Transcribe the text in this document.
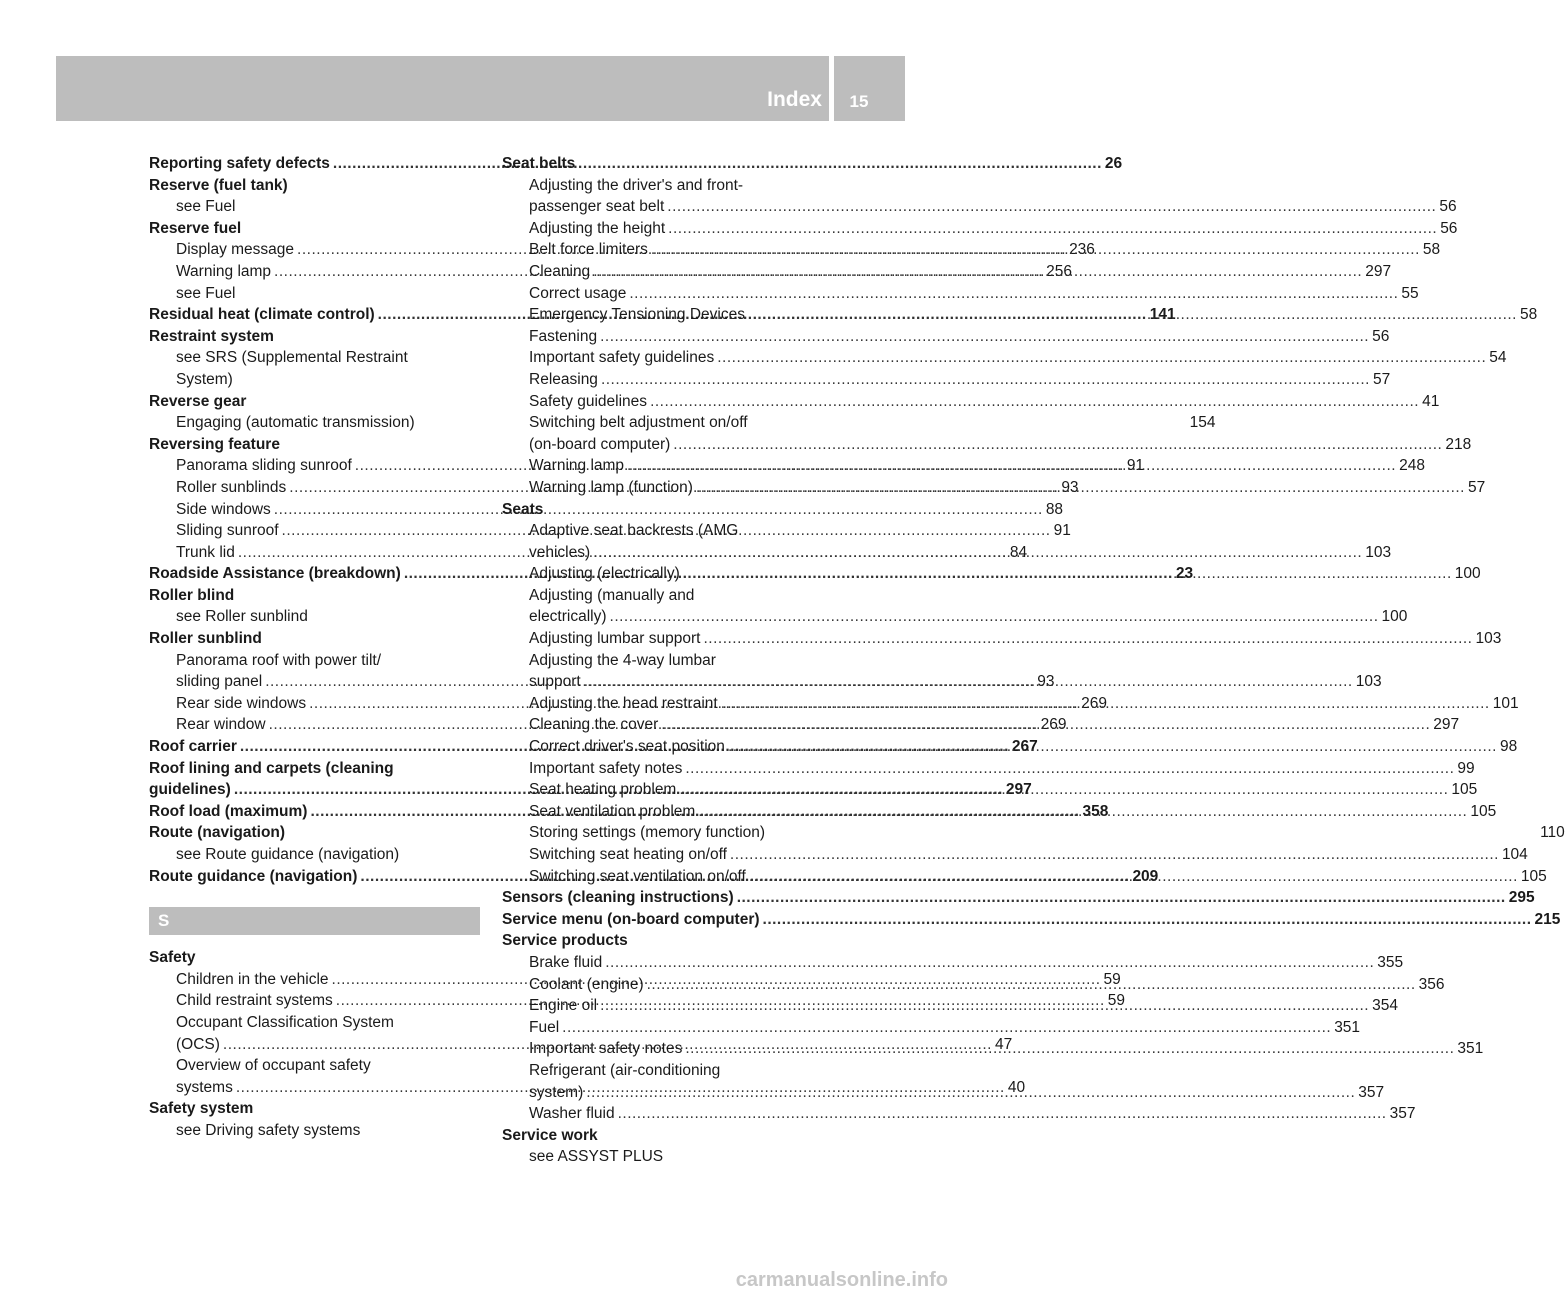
Index	15
Reporting safety defects .....	26
Reserve (fuel tank)
see Fuel
Reserve fuel
Display message .....	236
Warning lamp .....	256
see Fuel
Residual heat (climate control) .....	141
Restraint system
see SRS (Supplemental Restraint
System)
Reverse gear
Engaging (automatic transmission)	154
Reversing feature
Panorama sliding sunroof .....	91
Roller sunblinds .....	93
Side windows .....	88
Sliding sunroof .....	91
Trunk lid .....	84
Roadside Assistance (breakdown) .....	23
Roller blind
see Roller sunblind
Roller sunblind
Panorama roof with power tilt/
sliding panel .....	93
Rear side windows .....	269
Rear window .....	269
Roof carrier .....	267
Roof lining and carpets (cleaning
guidelines) .....	297
Roof load (maximum) .....	358
Route (navigation)
see Route guidance (navigation)
Route guidance (navigation) .....	209
S
Safety
Children in the vehicle .....	59
Child restraint systems .....	59
Occupant Classification System
(OCS) .....	47
Overview of occupant safety
systems .....	40
Safety system
see Driving safety systems
Seat belts
Adjusting the driver's and front-
passenger seat belt .....	56
Adjusting the height .....	56
Belt force limiters .....	58
Cleaning .....	297
Correct usage .....	55
Emergency Tensioning Devices .....	58
Fastening .....	56
Important safety guidelines .....	54
Releasing .....	57
Safety guidelines .....	41
Switching belt adjustment on/off
(on-board computer) .....	218
Warning lamp .....	248
Warning lamp (function) .....	57
Seats
Adaptive seat backrests (AMG
vehicles) .....	103
Adjusting (electrically) .....	100
Adjusting (manually and
electrically) .....	100
Adjusting lumbar support .....	103
Adjusting the 4-way lumbar
support .....	103
Adjusting the head restraint .....	101
Cleaning the cover .....	297
Correct driver's seat position .....	98
Important safety notes .....	99
Seat heating problem .....	105
Seat ventilation problem .....	105
Storing settings (memory function)	110
Switching seat heating on/off .....	104
Switching seat ventilation on/off .....	105
Sensors (cleaning instructions) .....	295
Service menu (on-board computer) .....	215
Service products
Brake fluid .....	355
Coolant (engine) .....	356
Engine oil .....	354
Fuel .....	351
Important safety notes .....	351
Refrigerant (air-conditioning
system) .....	357
Washer fluid .....	357
Service work
see ASSYST PLUS
carmanualsonline.info
